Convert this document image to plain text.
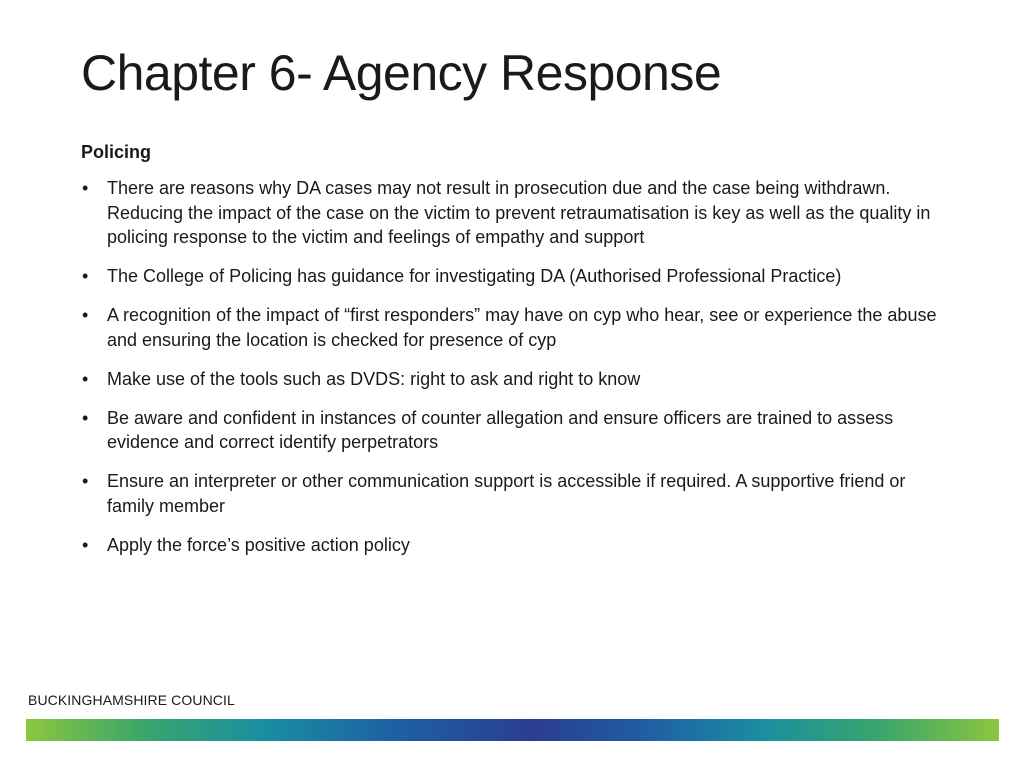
Chapter 6- Agency Response

Policing

• There are reasons why DA cases may not result in prosecution due and the case being withdrawn. Reducing the impact of the case on the victim to prevent retraumatisation is key as well as the quality in policing response to the victim and feelings of empathy and support
• The College of Policing has guidance for investigating DA (Authorised Professional Practice)
• A recognition of the impact of “first responders” may have on cyp who hear, see or experience the abuse and ensuring the location is checked for presence of cyp
• Make use of the tools such as DVDS: right to ask and right to know
• Be aware and confident in instances of counter allegation and ensure officers are trained to assess evidence and correct identify perpetrators
• Ensure an interpreter or other communication support is accessible if required. A supportive friend or family member
• Apply the force’s positive action policy
BUCKINGHAMSHIRE COUNCIL
